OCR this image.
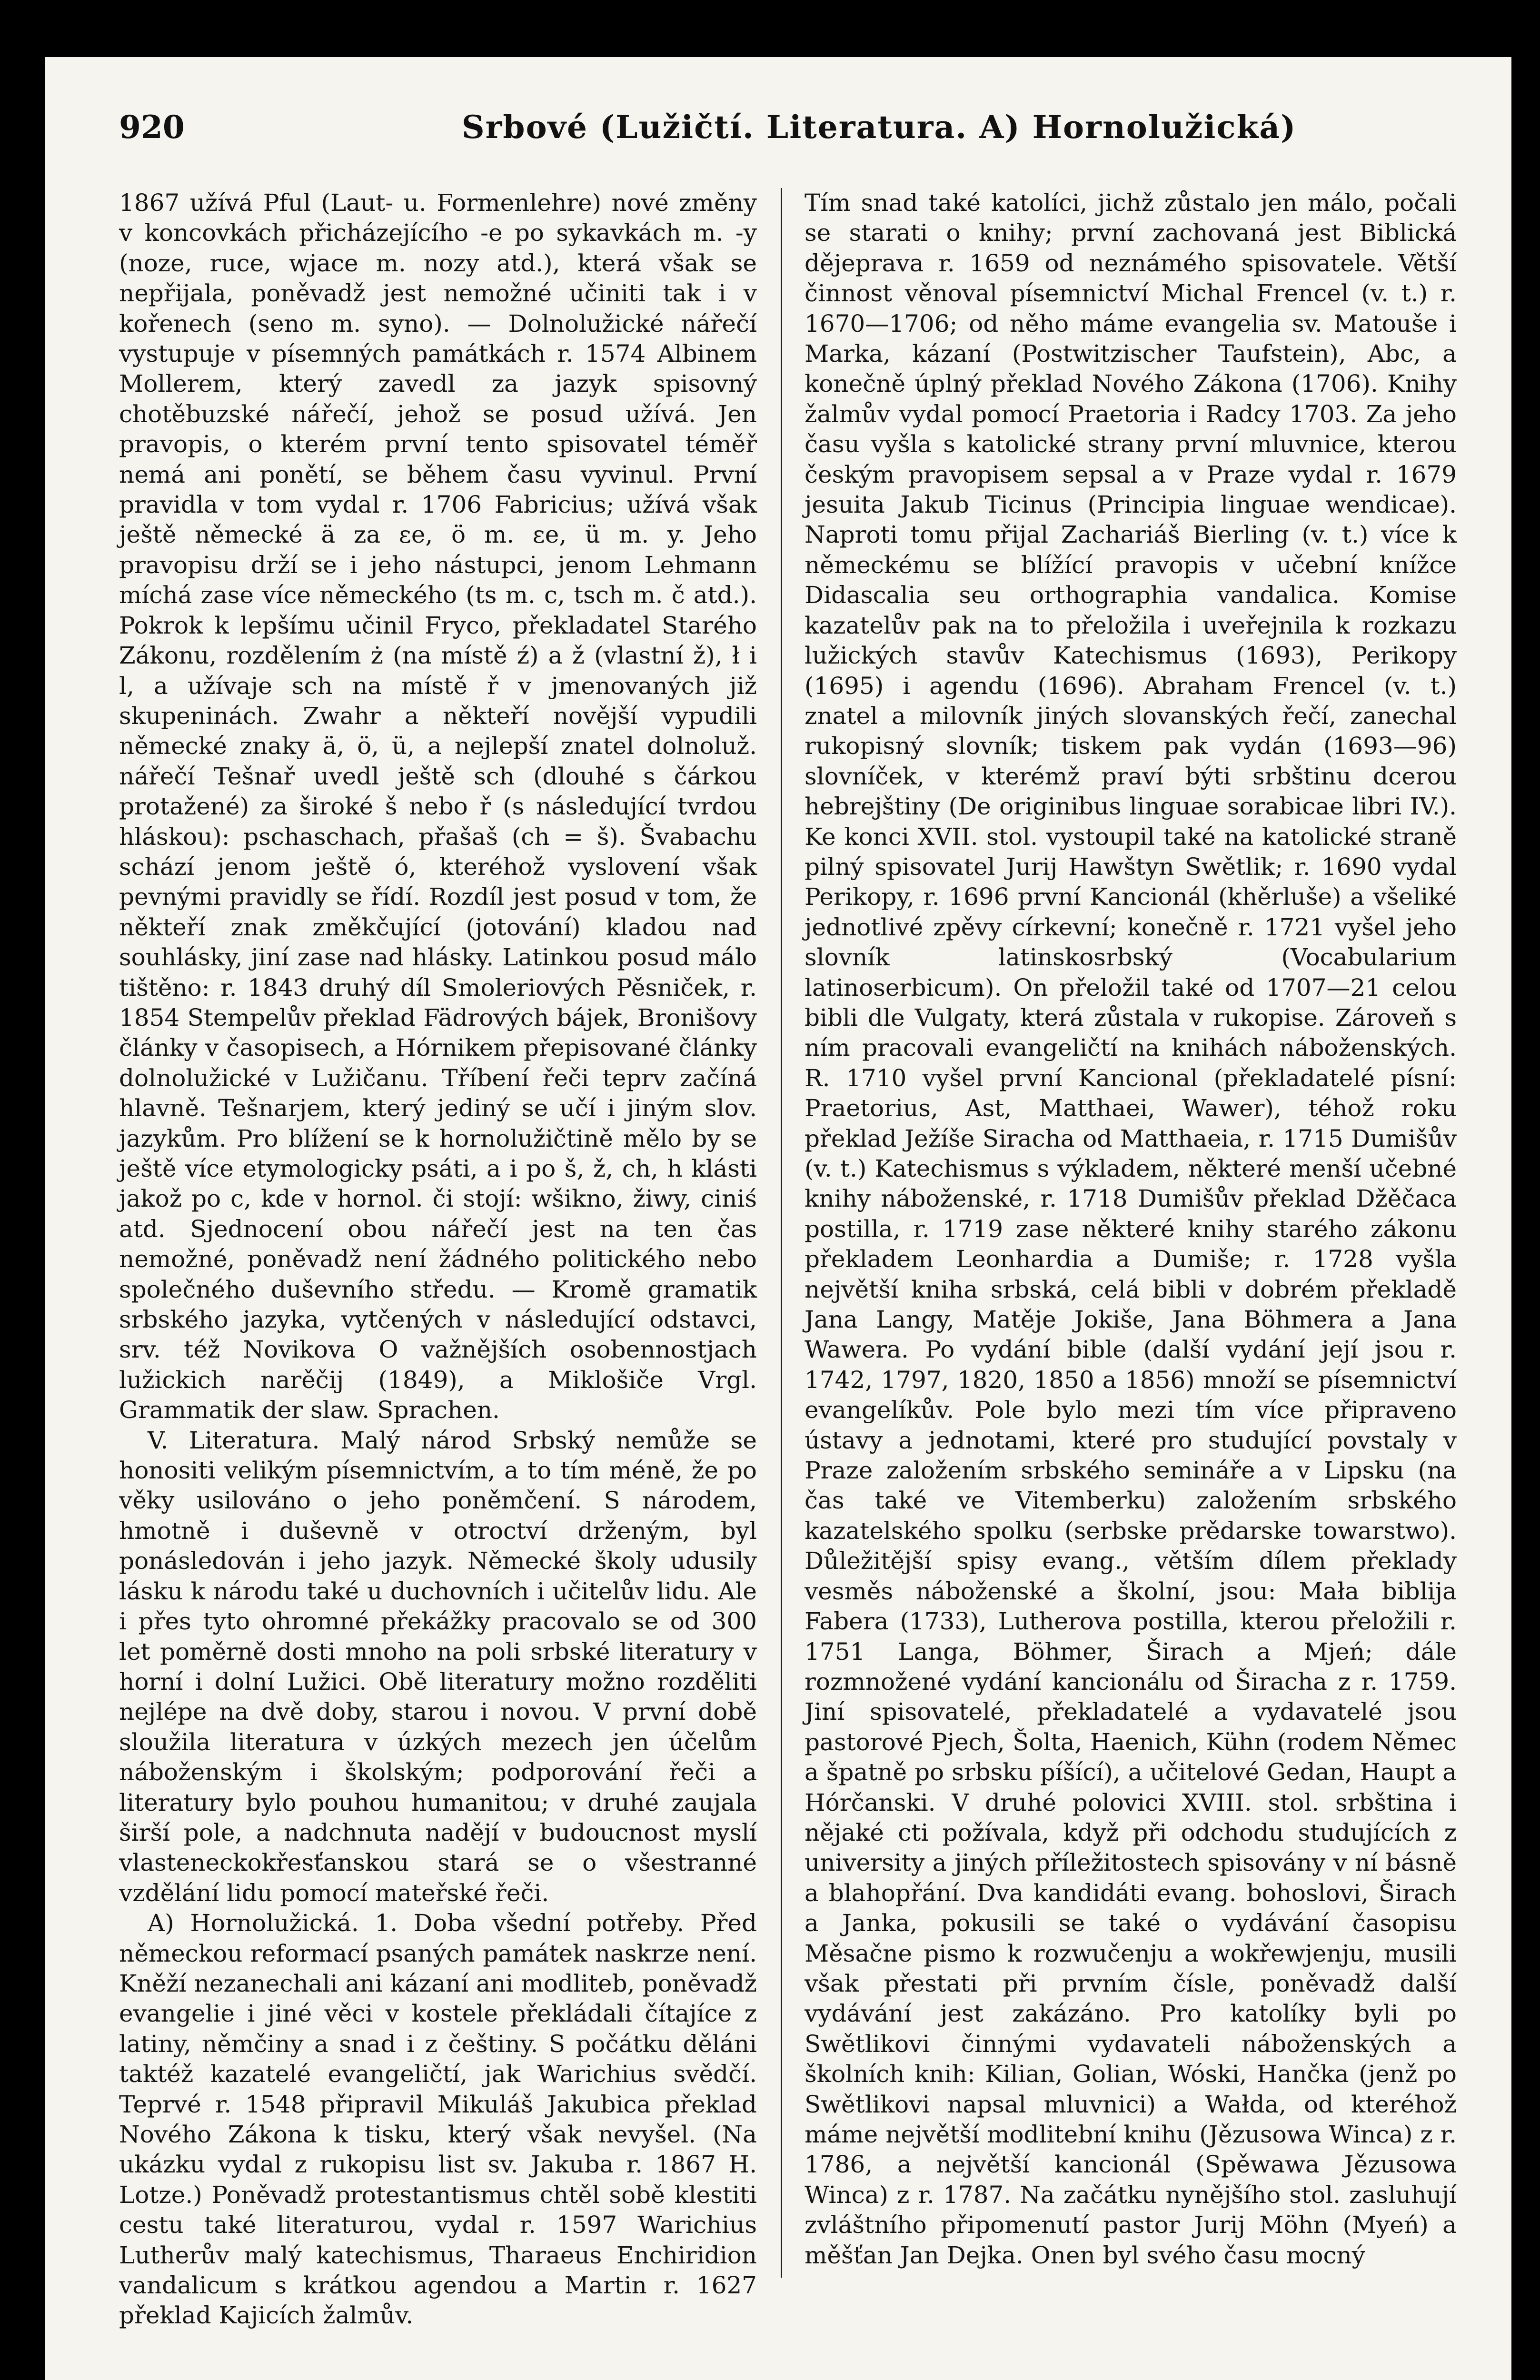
920	Srbové (Lužičtí. Literatura. A) Hornolužická)

1867 užívá Pful (Laut- u. Formenlehre) nové změny v koncovkách přicházejícího -e po sykavkách m. -y (noze, ruce, wjace m. nozy atd.), která však se nepřijala, poněvadž jest nemožné učiniti tak i v kořenech (seno m. syno). — Dolnolužické nářečí vystupuje v písemných památkách r. 1574 Albinem Mollerem, který zavedl za jazyk spisovný chotěbuzské nářečí, jehož se posud užívá. Jen pravopis, o kterém první tento spisovatel téměř nemá ani ponětí, se během času vyvinul. První pravidla v tom vydal r. 1706 Fabricius; užívá však ještě německé ä za ɛe, ö m. ɛe, ü m. y. Jeho pravopisu drží se i jeho nástupci, jenom Lehmann míchá zase více německého (ts m. c, tsch m. č atd.). Pokrok k lepšímu učinil Fryco, překladatel Starého Zákonu, rozdělením ż (na místě ź) a ž (vlastní ž), ł i l, a užívaje sch na místě ř v jmenovaných již skupeninách. Zwahr a někteří novější vypudili německé znaky ä, ö, ü, a nejlepší znatel dolnoluž. nářečí Tešnař uvedl ještě sch (dlouhé s čárkou protažené) za široké š nebo ř (s následující tvrdou hláskou): pschaschach, přašaš (ch = š). Švabachu schází jenom ještě ó, kteréhož vyslovení však pevnými pravidly se řídí. Rozdíl jest posud v tom, že někteří znak změkčující (jotování) kladou nad souhlásky, jiní zase nad hlásky. Latinkou posud málo tištěno: r. 1843 druhý díl Smoleriových Pěsniček, r. 1854 Stempelův překlad Fädrových bájek, Bronišovy články v časopisech, a Hórnikem přepisované články dolnolužické v Lužičanu. Tříbení řeči teprv začíná hlavně. Tešnarjem, který jediný se učí i jiným slov. jazykům. Pro blížení se k hornolužičtině mělo by se ještě více etymologicky psáti, a i po š, ž, ch, h klásti jakož po c, kde v hornol. či stojí: wšikno, žiwy, ciniś atd. Sjednocení obou nářečí jest na ten čas nemožné, poněvadž není žádného politického nebo společného duševního středu. — Kromě gramatik srbského jazyka, vytčených v následující odstavci, srv. též Novikova O važnějších osobennostjach lužickich narěčij (1849), a Miklošiče Vrgl. Grammatik der slaw. Sprachen.

V. Literatura. Malý národ Srbský nemůže se honositi velikým písemnictvím, a to tím méně, že po věky usilováno o jeho poněmčení. S národem, hmotně i duševně v otroctví drženým, byl ponásledován i jeho jazyk. Německé školy udusily lásku k národu také u duchovních i učitelův lidu. Ale i přes tyto ohromné překážky pracovalo se od 300 let poměrně dosti mnoho na poli srbské literatury v horní i dolní Lužici. Obě literatury možno rozděliti nejlépe na dvě doby, starou i novou. V první době sloužila literatura v úzkých mezech jen účelům náboženským i školským; podporování řeči a literatury bylo pouhou humanitou; v druhé zaujala širší pole, a nadchnuta nadějí v budoucnost myslí vlasteneckokřesťanskou stará se o všestranné vzdělání lidu pomocí mateřské řeči.

A) Hornolužická. 1. Doba všední potřeby. Před německou reformací psaných památek naskrze není. Kněží nezanechali ani kázaní ani modliteb, poněvadž evangelie i jiné věci v kostele překládali čítajíce z latiny, němčiny a snad i z češtiny. S počátku děláni taktéž kazatelé evangeličtí, jak Warichius svědčí. Teprvé r. 1548 připravil Mikuláš Jakubica překlad Nového Zákona k tisku, který však nevyšel. (Na ukázku vydal z rukopisu list sv. Jakuba r. 1867 H. Lotze.) Poněvadž protestantismus chtěl sobě klestiti cestu také literaturou, vydal r. 1597 Warichius Lutherův malý katechismus, Tharaeus Enchiridion vandalicum s krátkou agendou a Martin r. 1627 překlad Kajicích žalmův.

Tím snad také katolíci, jichž zůstalo jen málo, počali se starati o knihy; první zachovaná jest Biblická dějeprava r. 1659 od neznámého spisovatele. Větší činnost věnoval písemnictví Michal Frencel (v. t.) r. 1670—1706; od něho máme evangelia sv. Matouše i Marka, kázaní (Postwitzischer Taufstein), Abc, a konečně úplný překlad Nového Zákona (1706). Knihy žalmův vydal pomocí Praetoria i Radcy 1703. Za jeho času vyšla s katolické strany první mluvnice, kterou českým pravopisem sepsal a v Praze vydal r. 1679 jesuita Jakub Ticinus (Principia linguae wendicae). Naproti tomu přijal Zachariáš Bierling (v. t.) více k německému se blížící pravopis v učební knížce Didascalia seu orthographia vandalica. Komise kazatelův pak na to přeložila i uveřejnila k rozkazu lužických stavův Katechismus (1693), Perikopy (1695) i agendu (1696). Abraham Frencel (v. t.) znatel a milovník jiných slovanských řečí, zanechal rukopisný slovník; tiskem pak vydán (1693—96) slovníček, v kterémž praví býti srbštinu dcerou hebrejštiny (De originibus linguae sorabicae libri IV.). Ke konci XVII. stol. vystoupil také na katolické straně pilný spisovatel Jurij Hawštyn Swětlik; r. 1690 vydal Perikopy, r. 1696 první Kancionál (khěrluše) a všeliké jednotlivé zpěvy církevní; konečně r. 1721 vyšel jeho slovník latinskosrbský (Vocabularium latinoserbicum). On přeložil také od 1707—21 celou bibli dle Vulgaty, která zůstala v rukopise. Zároveň s ním pracovali evangeličtí na knihách náboženských. R. 1710 vyšel první Kancional (překladatelé písní: Praetorius, Ast, Matthaei, Wawer), téhož roku překlad Ježíše Siracha od Matthaeia, r. 1715 Dumišův (v. t.) Katechismus s výkladem, některé menší učebné knihy náboženské, r. 1718 Dumišův překlad Džěčaca postilla, r. 1719 zase některé knihy starého zákonu překladem Leonhardia a Dumiše; r. 1728 vyšla největší kniha srbská, celá bibli v dobrém překladě Jana Langy, Matěje Jokiše, Jana Böhmera a Jana Wawera. Po vydání bible (další vydání její jsou r. 1742, 1797, 1820, 1850 a 1856) množí se písemnictví evangelíkův. Pole bylo mezi tím více připraveno ústavy a jednotami, které pro studující povstaly v Praze založením srbského semináře a v Lipsku (na čas také ve Vitemberku) založením srbského kazatelského spolku (serbske prědarske towarstwo). Důležitější spisy evang., větším dílem překlady vesměs náboženské a školní, jsou: Mała biblija Fabera (1733), Lutherova postilla, kterou přeložili r. 1751 Langa, Böhmer, Širach a Mjeń; dále rozmnožené vydání kancionálu od Širacha z r. 1759. Jiní spisovatelé, překladatelé a vydavatelé jsou pastorové Pjech, Šolta, Haenich, Kühn (rodem Němec a špatně po srbsku píšící), a učitelové Gedan, Haupt a Hórčanski. V druhé polovici XVIII. stol. srbština i nějaké cti požívala, když při odchodu studujících z university a jiných příležitostech spisovány v ní básně a blahopřání. Dva kandidáti evang. bohoslovi, Širach a Janka, pokusili se také o vydávání časopisu Měsačne pismo k rozwučenju a wokřewjenju, musili však přestati při prvním čísle, poněvadž další vydávání jest zakázáno. Pro katolíky byli po Swětlikovi činnými vydavateli náboženských a školních knih: Kilian, Golian, Wóski, Hančka (jenž po Swětlikovi napsal mluvnici) a Wałda, od kteréhož máme největší modlitební knihu (Jězusowa Winca) z r. 1786, a největší kancionál (Spěwawa Jězusowa Winca) z r. 1787. Na začátku nynějšího stol. zasluhují zvláštního připomenutí pastor Jurij Möhn (Myeń) a měšťan Jan Dejka. Onen byl svého času mocný
